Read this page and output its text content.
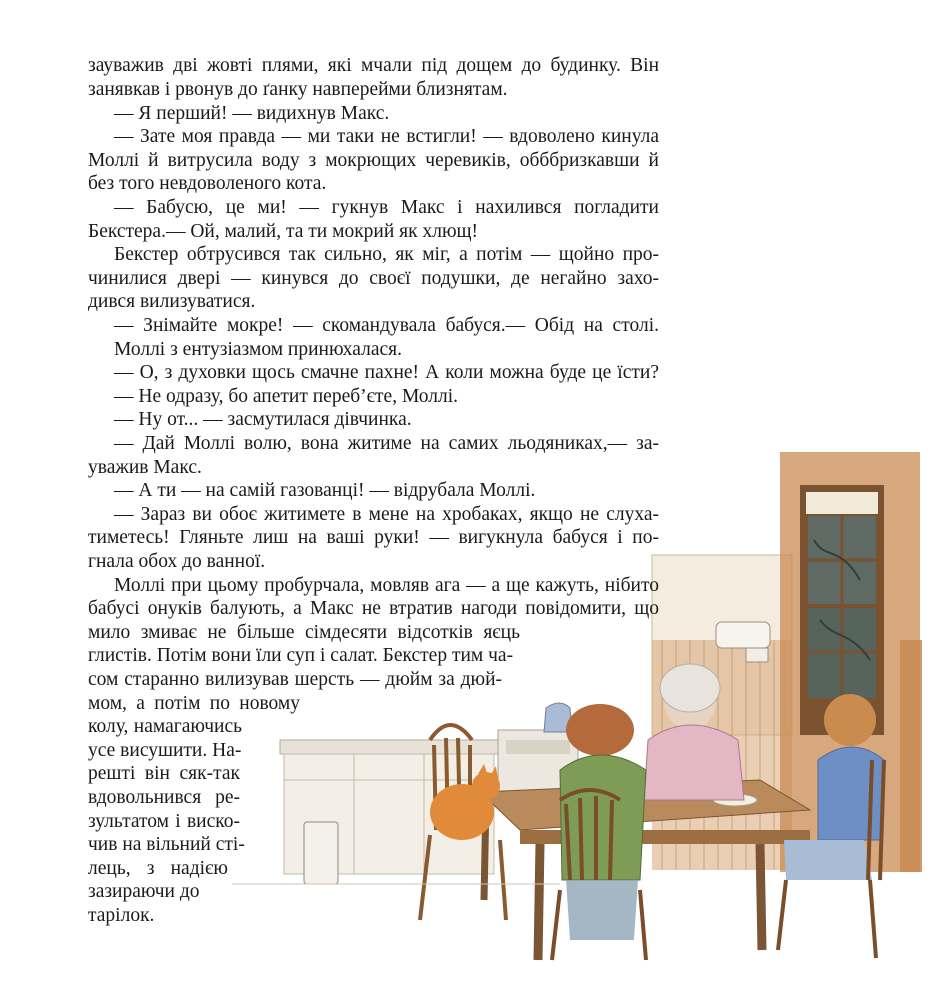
зауважив дві жовті плями, які мчали під дощем до будинку. Він
занявкав і рвонув до ґанку навперейми близнятам.
— Я перший! — видихнув Макс.
— Зате моя правда — ми таки не встигли! — вдоволено кинула
Моллі й витрусила воду з мокрющих черевиків, обббризкавши й
без того невдоволеного кота.
— Бабусю, це ми! — гукнув Макс і нахилився погладити
Бекстера.— Ой, малий, та ти мокрий як хлющ!
Бекстер обтрусився так сильно, як міг, а потім — щойно про-
чинилися двері — кинувся до своєї подушки, де негайно захо-
дився вилизуватися.
— Знімайте мокре! — скомандувала бабуся.— Обід на столі.
Моллі з ентузіазмом принюхалася.
— О, з духовки щось смачне пахне! А коли можна буде це їсти?
— Не одразу, бо апетит переб’єте, Моллі.
— Ну от... — засмутилася дівчинка.
— Дай Моллі волю, вона житиме на самих льодяниках,— за-
уважив Макс.
— А ти — на самій газованці! — відрубала Моллі.
— Зараз ви обоє житимете в мене на хробаках, якщо не слуха-
тиметесь! Гляньте лиш на ваші руки! — вигукнула бабуся і по-
гнала обох до ванної.
Моллі при цьому пробурчала, мовляв ага — а ще кажуть, нібито
бабусі онуків балують, а Макс не втратив нагоди повідомити, що
мило змиває не більше сімдесяти відсотків яєць
глистів. Потім вони їли суп і салат. Бекстер тим ча-
сом старанно вилизував шерсть — дюйм за дюй-
мом, а потім по новому
колу, намагаючись
усе висушити. На-
решті він сяк-так
вдовольнився ре-
зультатом і виско-
чив на вільний сті-
лець, з надією
зазираючи до
тарілок.
